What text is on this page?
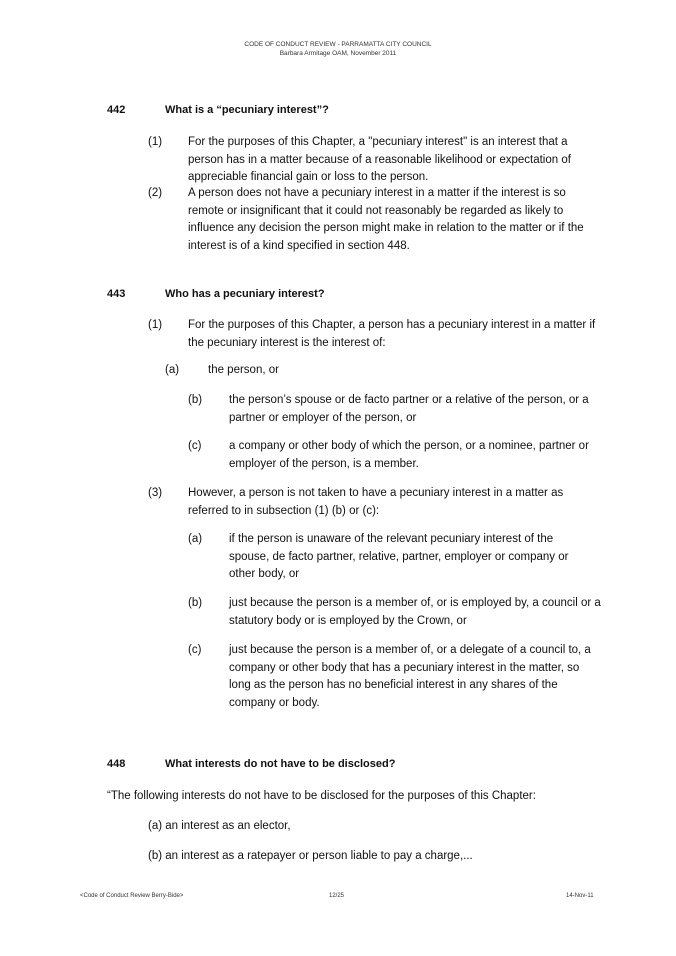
CODE OF CONDUCT REVIEW - PARRAMATTA CITY COUNCIL
Barbara Armitage OAM, November 2011
442	What is a “pecuniary interest”?
(1) For the purposes of this Chapter, a "pecuniary interest" is an interest that a person has in a matter because of a reasonable likelihood or expectation of appreciable financial gain or loss to the person.
(2) A person does not have a pecuniary interest in a matter if the interest is so remote or insignificant that it could not reasonably be regarded as likely to influence any decision the person might make in relation to the matter or if the interest is of a kind specified in section 448.
443	Who has a pecuniary interest?
(1) For the purposes of this Chapter, a person has a pecuniary interest in a matter if the pecuniary interest is the interest of:
(a)	the person, or
(b) the person’s spouse or de facto partner or a relative of the person, or a partner or employer of the person, or
(c) a company or other body of which the person, or a nominee, partner or employer of the person, is a member.
(3) However, a person is not taken to have a pecuniary interest in a matter as referred to in subsection (1) (b) or (c):
(a) if the person is unaware of the relevant pecuniary interest of the spouse, de facto partner, relative, partner, employer or company or other body, or
(b) just because the person is a member of, or is employed by, a council or a statutory body or is employed by the Crown, or
(c) just because the person is a member of, or a delegate of a council to, a company or other body that has a pecuniary interest in the matter, so long as the person has no beneficial interest in any shares of the company or body.
448	What interests do not have to be disclosed?
“The following interests do not have to be disclosed for the purposes of this Chapter:
(a) an interest as an elector,
(b) an interest as a ratepayer or person liable to pay a charge,...
<Code of Conduct Review Berry-Bide>	12/25	14-Nov-11
